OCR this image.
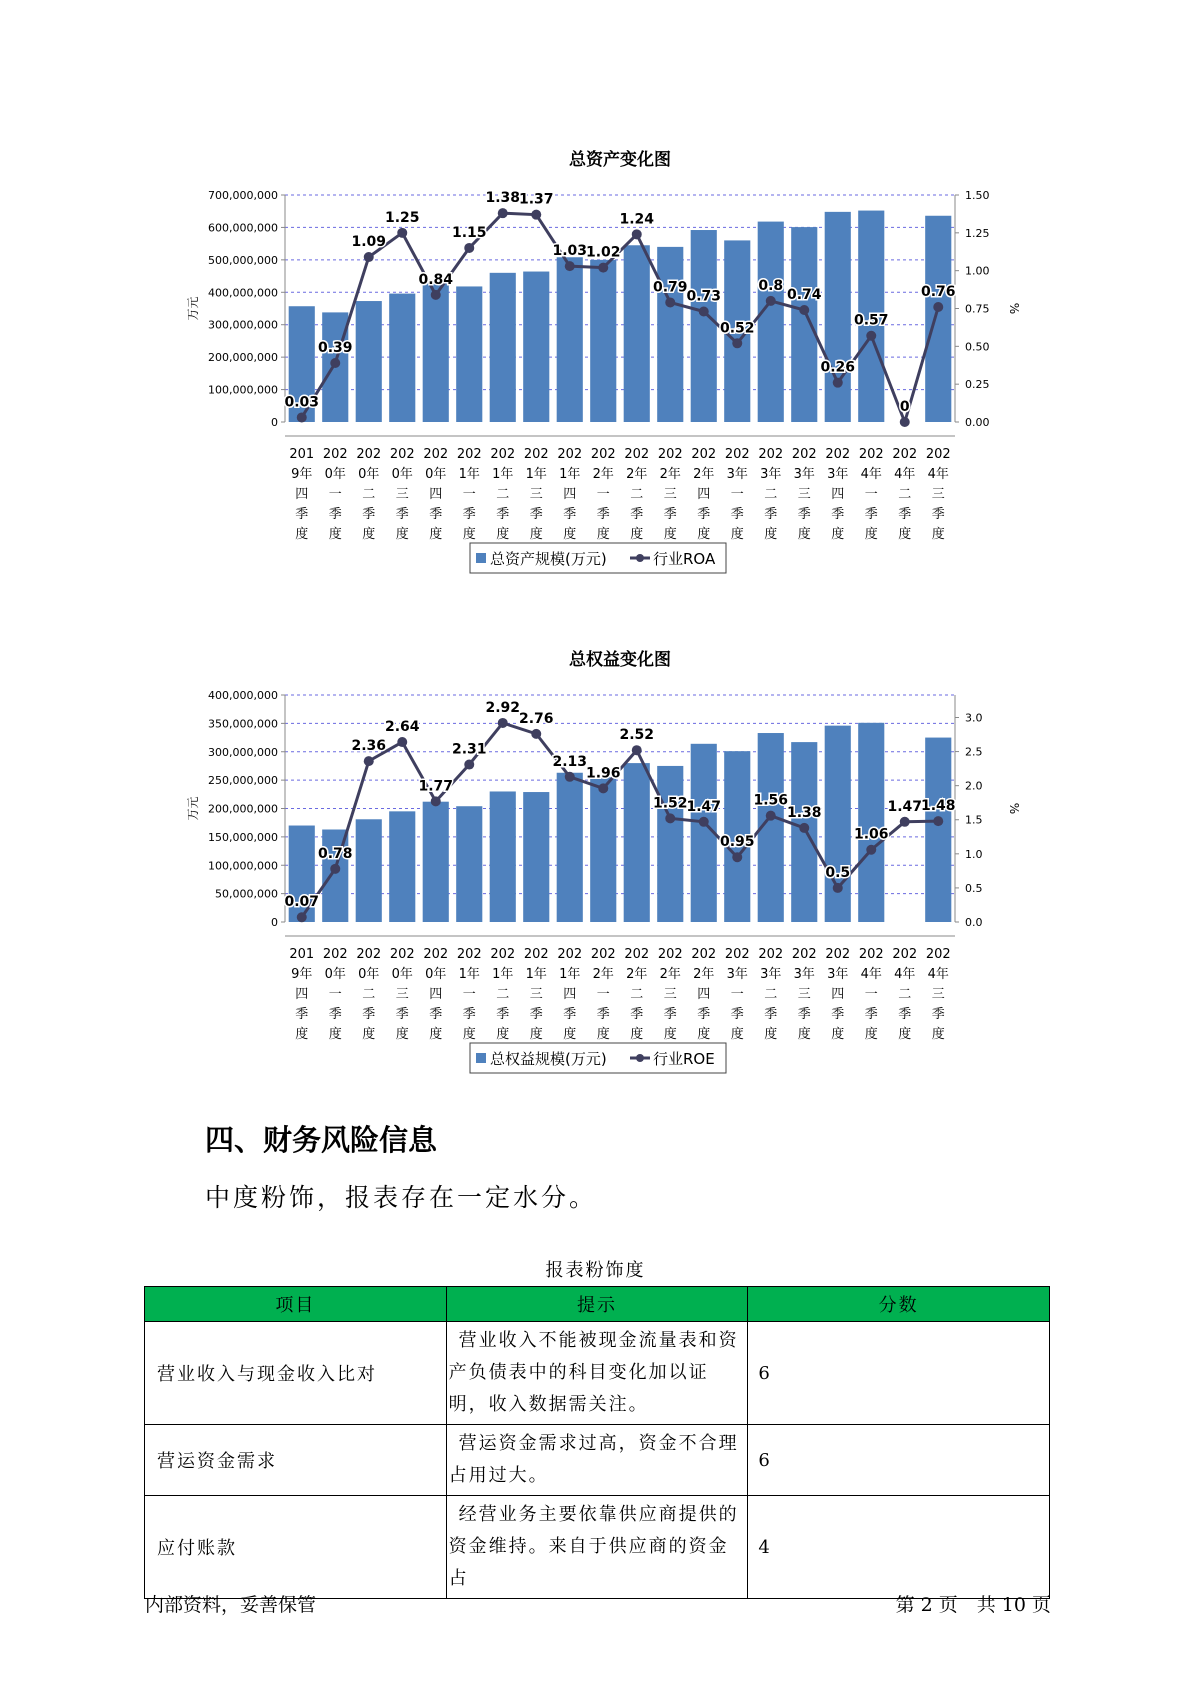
总资产变化图
0
100,000,000
200,000,000
300,000,000
400,000,000
500,000,000
600,000,000
700,000,000
0.00
0.25
0.50
0.75
1.00
1.25
1.50
万元	%
0.03
0.39
1.09
1.25
0.84
1.15
1.38
1.37
1.03
1.02
1.24
0.79
0.73
0.52
0.8
0.74
0.26
0.57
0
0.76
201 9年四季度
202 0年一季度
202 0年二季度
202 0年三季度
202 0年四季度
202 1年一季度
202 1年二季度
202 1年三季度
202 1年四季度
202 2年一季度
202 2年二季度
202 2年三季度
202 2年四季度
202 3年一季度
202 3年二季度
202 3年三季度
202 3年四季度
202 4年一季度
202 4年二季度
202 4年三季度
总资产规模(万元)	行业ROA
总权益变化图
0
50,000,000
100,000,000
150,000,000
200,000,000
250,000,000
300,000,000
350,000,000
400,000,000
0.0
0.5
1.0
1.5
2.0
2.5
3.0
万元	%
0.07
0.78
2.36
2.64
1.77
2.31
2.92
2.76
2.13
1.96
2.52
1.52
1.47
0.95
1.56
1.38
0.5
1.06
1.47
1.48
201 9年四季度
202 0年一季度
202 0年二季度
202 0年三季度
202 0年四季度
202 1年一季度
202 1年二季度
202 1年三季度
202 1年四季度
202 2年一季度
202 2年二季度
202 2年三季度
202 2年四季度
202 3年一季度
202 3年二季度
202 3年三季度
202 3年四季度
202 4年一季度
202 4年二季度
202 4年三季度
总权益规模(万元)	行业ROE
四、财务风险信息

中度粉饰，报表存在一定水分。

报表粉饰度
项目	提示	分数
营业收入与现金收入比对	营业收入不能被现金流量表和资产负债表中的科目变化加以证明，收入数据需关注。	6
营运资金需求	营运资金需求过高，资金不合理占用过大。	6
应付账款	经营业务主要依靠供应商提供的资金维持。来自于供应商的资金占	4
内部资料，妥善保管	第 2 页　共 10 页
